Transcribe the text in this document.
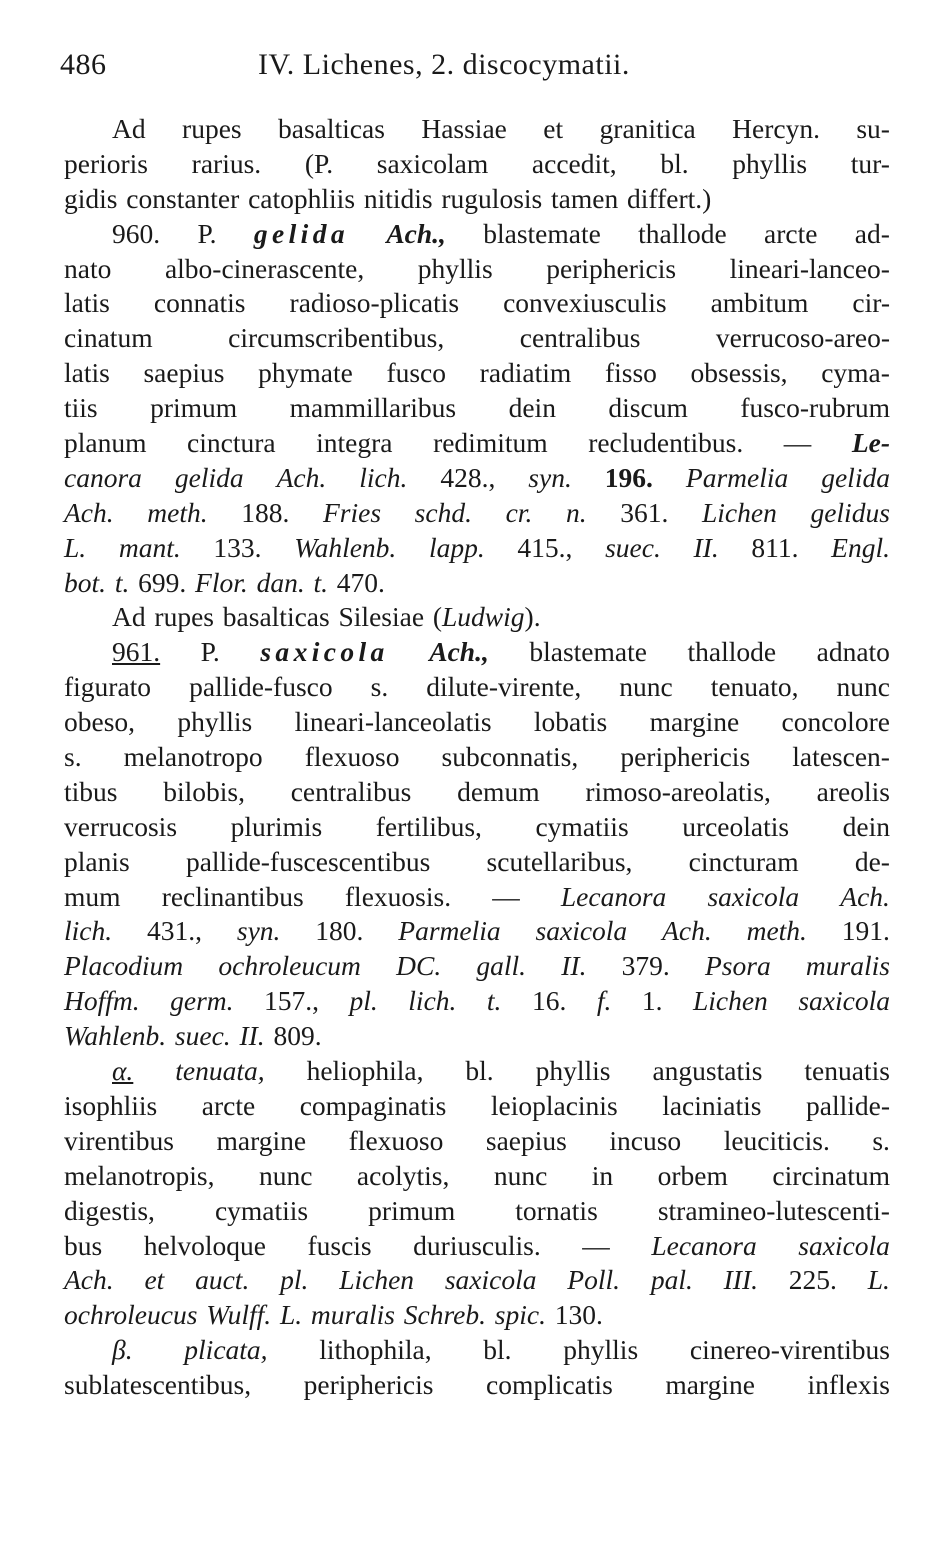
486	IV. Lichenes, 2. discocymatii.
Ad rupes basalticas Hassiae et granitica Hercyn. su-
perioris rarius. (P. saxicolam accedit, bl. phyllis tur-
gidis constanter catophliis nitidis rugulosis tamen differt.)
960. P. gelida Ach., blastemate thallode arcte ad-
nato albo-cinerascente, phyllis periphericis lineari-lanceo-
latis connatis radioso-plicatis convexiusculis ambitum cir-
cinatum	circumscribentibus,	centralibus	verrucoso-areo-
latis saepius phymate fusco radiatim fisso obsessis, cyma-
tiis primum mammillaribus dein discum fusco-rubrum
planum cinctura integra redimitum recludentibus. — Le-
canora gelida Ach. lich. 428., syn. 196. Parmelia gelida
Ach. meth. 188. Fries schd. cr. n. 361. Lichen gelidus
L. mant. 133. Wahlenb. lapp. 415., suec. II. 811. Engl.
bot. t. 699. Flor. dan. t. 470.
Ad rupes basalticas Silesiae (Ludwig).
961. P. saxicola Ach., blastemate thallode adnato
figurato pallide-fusco s. dilute-virente, nunc tenuato, nunc
obeso, phyllis lineari-lanceolatis lobatis margine concolore
s. melanotropo flexuoso subconnatis, periphericis latescen-
tibus bilobis, centralibus demum rimoso-areolatis, areolis
verrucosis plurimis fertilibus, cymatiis urceolatis dein
planis pallide-fuscescentibus scutellaribus, cincturam de-
mum reclinantibus flexuosis. — Lecanora saxicola Ach.
lich. 431., syn. 180. Parmelia saxicola Ach. meth. 191.
Placodium ochroleucum DC. gall. II. 379. Psora muralis
Hoffm. germ. 157., pl. lich. t. 16. f. 1. Lichen saxicola
Wahlenb. suec. II. 809.
α. tenuata, heliophila, bl. phyllis angustatis tenuatis
isophliis arcte compaginatis leioplacinis laciniatis pallide-
virentibus margine flexuoso saepius incuso leuciticis. s.
melanotropis, nunc acolytis, nunc in orbem circinatum
digestis, cymatiis primum tornatis stramineo-lutescenti-
bus helvoloque fuscis duriusculis. — Lecanora saxicola
Ach. et auct. pl. Lichen saxicola Poll. pal. III. 225. L.
ochroleucus Wulff. L. muralis Schreb. spic. 130.
β. plicata, lithophila, bl. phyllis cinereo-virentibus
sublatescentibus, periphericis complicatis margine inflexis
